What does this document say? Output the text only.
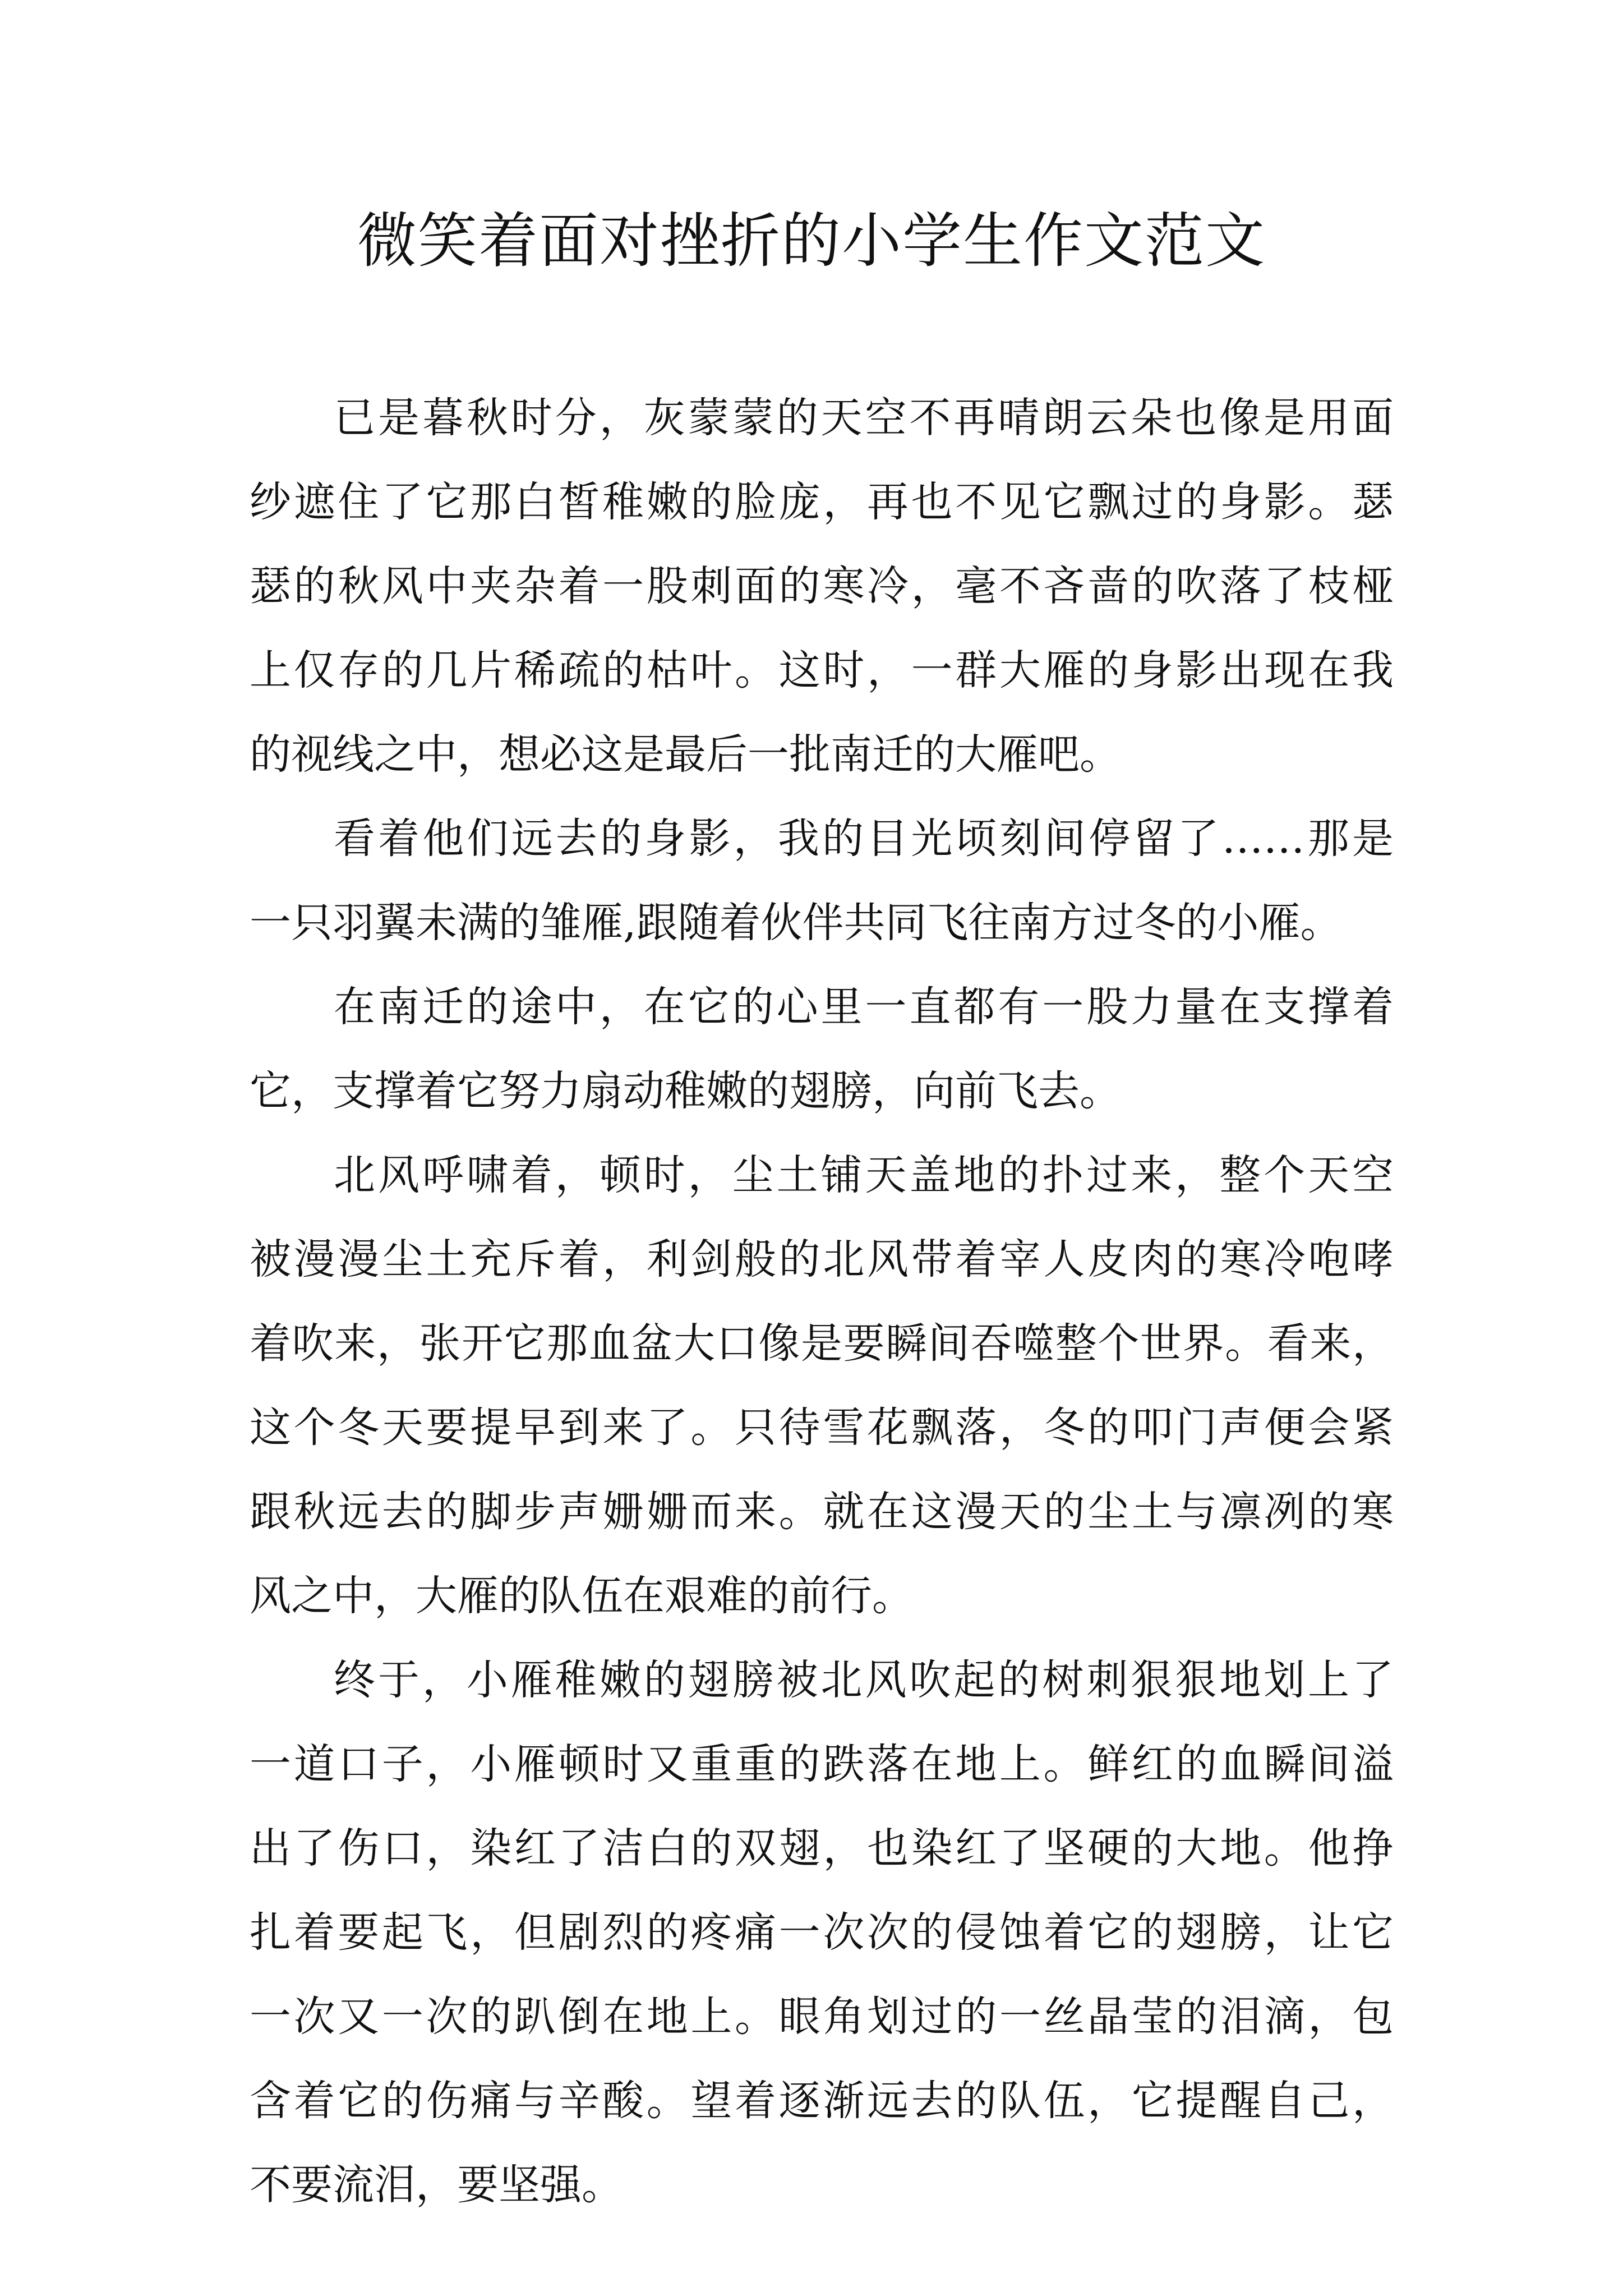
微笑着面对挫折的小学生作文范文
已是暮秋时分，灰蒙蒙的天空不再晴朗云朵也像是用面
纱遮住了它那白皙稚嫩的脸庞，再也不见它飘过的身影。瑟
瑟的秋风中夹杂着一股刺面的寒冷，毫不吝啬的吹落了枝桠
上仅存的几片稀疏的枯叶。这时，一群大雁的身影出现在我
的视线之中，想必这是最后一批南迁的大雁吧。
看着他们远去的身影，我的目光顷刻间停留了……那是
一只羽翼未满的雏雁,跟随着伙伴共同飞往南方过冬的小雁。
在南迁的途中，在它的心里一直都有一股力量在支撑着
它，支撑着它努力扇动稚嫩的翅膀，向前飞去。
北风呼啸着，顿时，尘土铺天盖地的扑过来，整个天空
被漫漫尘土充斥着，利剑般的北风带着宰人皮肉的寒冷咆哮
着吹来，张开它那血盆大口像是要瞬间吞噬整个世界。看来，
这个冬天要提早到来了。只待雪花飘落，冬的叩门声便会紧
跟秋远去的脚步声姗姗而来。就在这漫天的尘土与凛冽的寒
风之中，大雁的队伍在艰难的前行。
终于，小雁稚嫩的翅膀被北风吹起的树刺狠狠地划上了
一道口子，小雁顿时又重重的跌落在地上。鲜红的血瞬间溢
出了伤口，染红了洁白的双翅，也染红了坚硬的大地。他挣
扎着要起飞，但剧烈的疼痛一次次的侵蚀着它的翅膀，让它
一次又一次的趴倒在地上。眼角划过的一丝晶莹的泪滴，包
含着它的伤痛与辛酸。望着逐渐远去的队伍，它提醒自己，
不要流泪，要坚强。
